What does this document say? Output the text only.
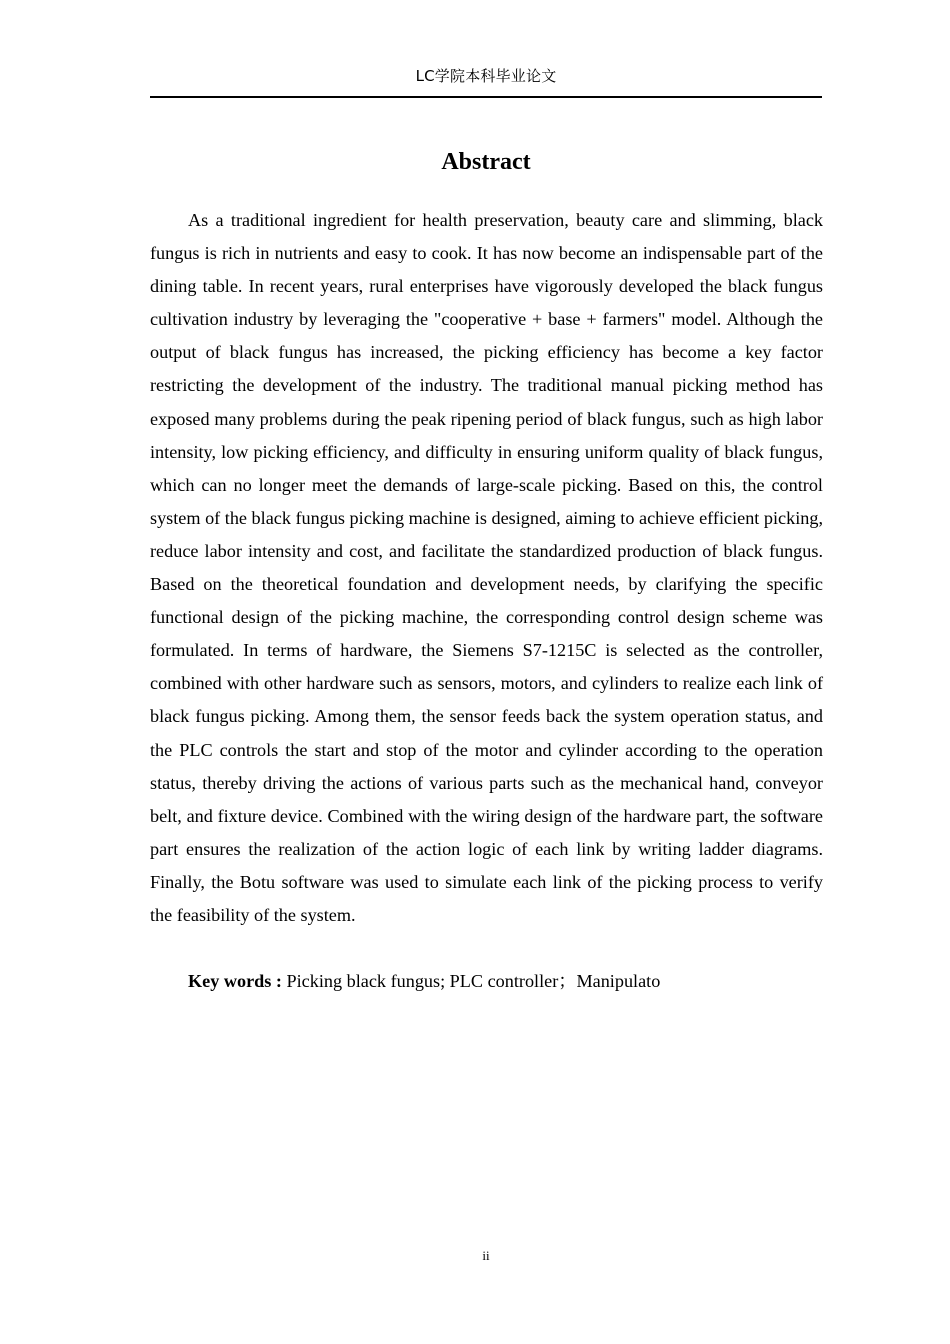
LC学院本科毕业论文
Abstract

As a traditional ingredient for health preservation, beauty care and slimming, black fungus is rich in nutrients and easy to cook. It has now become an indispensable part of the dining table. In recent years, rural enterprises have vigorously developed the black fungus cultivation industry by leveraging the "cooperative + base + farmers" model. Although the output of black fungus has increased, the picking efficiency has become a key factor restricting the development of the industry. The traditional manual picking method has exposed many problems during the peak ripening period of black fungus, such as high labor intensity, low picking efficiency, and difficulty in ensuring uniform quality of black fungus, which can no longer meet the demands of large-scale picking. Based on this, the control system of the black fungus picking machine is designed, aiming to achieve efficient picking, reduce labor intensity and cost, and facilitate the standardized production of black fungus. Based on the theoretical foundation and development needs, by clarifying the specific functional design of the picking machine, the corresponding control design scheme was formulated. In terms of hardware, the Siemens S7-1215C is selected as the controller, combined with other hardware such as sensors, motors, and cylinders to realize each link of black fungus picking. Among them, the sensor feeds back the system operation status, and the PLC controls the start and stop of the motor and cylinder according to the operation status, thereby driving the actions of various parts such as the mechanical hand, conveyor belt, and fixture device. Combined with the wiring design of the hardware part, the software part ensures the realization of the action logic of each link by writing ladder diagrams. Finally, the Botu software was used to simulate each link of the picking process to verify the feasibility of the system.

Key words : Picking black fungus; PLC controller；Manipulato

ii
